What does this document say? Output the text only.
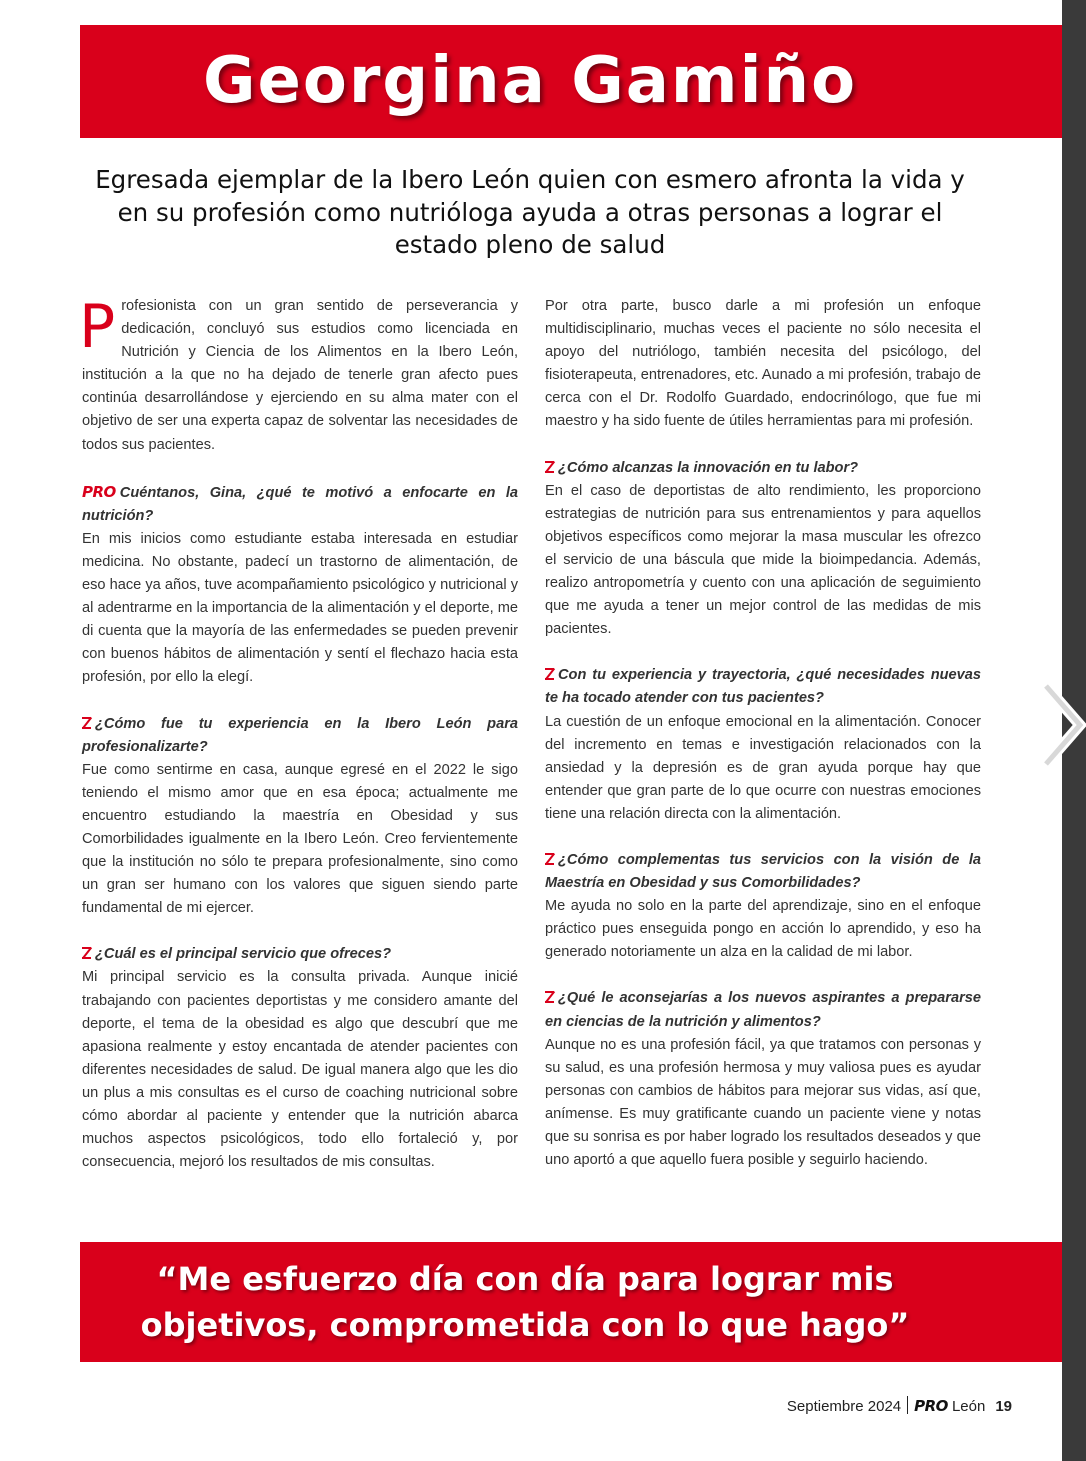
Georgina Gamiño

Egresada ejemplar de la Ibero León quien con esmero afronta la vida y en su profesión como nutrióloga ayuda a otras personas a lograr el estado pleno de salud

Profesionista con un gran sentido de perseverancia y dedicación, concluyó sus estudios como licenciada en Nutrición y Ciencia de los Alimentos en la Ibero León, institución a la que no ha dejado de tenerle gran afecto pues continúa desarrollándose y ejerciendo en su alma mater con el objetivo de ser una experta capaz de solventar las necesidades de todos sus pacientes.

PRO Cuéntanos, Gina, ¿qué te motivó a enfocarte en la nutrición?

En mis inicios como estudiante estaba interesada en estudiar medicina. No obstante, padecí un trastorno de alimentación, de eso hace ya años, tuve acompañamiento psicológico y nutricional y al adentrarme en la importancia de la alimentación y el deporte, me di cuenta que la mayoría de las enfermedades se pueden prevenir con buenos hábitos de alimentación y sentí el flechazo hacia esta profesión, por ello la elegí.

¿Cómo fue tu experiencia en la Ibero León para profesionalizarte?

Fue como sentirme en casa, aunque egresé en el 2022 le sigo teniendo el mismo amor que en esa época; actualmente me encuentro estudiando la maestría en Obesidad y sus Comorbilidades igualmente en la Ibero León. Creo fervientemente que la institución no sólo te prepara profesionalmente, sino como un gran ser humano con los valores que siguen siendo parte fundamental de mi ejercer.

¿Cuál es el principal servicio que ofreces?

Mi principal servicio es la consulta privada. Aunque inicié trabajando con pacientes deportistas y me considero amante del deporte, el tema de la obesidad es algo que descubrí que me apasiona realmente y estoy encantada de atender pacientes con diferentes necesidades de salud. De igual manera algo que les dio un plus a mis consultas es el curso de coaching nutricional sobre cómo abordar al paciente y entender que la nutrición abarca muchos aspectos psicológicos, todo ello fortaleció y, por consecuencia, mejoró los resultados de mis consultas.

Por otra parte, busco darle a mi profesión un enfoque multidisciplinario, muchas veces el paciente no sólo necesita el apoyo del nutriólogo, también necesita del psicólogo, del fisioterapeuta, entrenadores, etc. Aunado a mi profesión, trabajo de cerca con el Dr. Rodolfo Guardado, endocrinólogo, que fue mi maestro y ha sido fuente de útiles herramientas para mi profesión.

¿Cómo alcanzas la innovación en tu labor?

En el caso de deportistas de alto rendimiento, les proporciono estrategias de nutrición para sus entrenamientos y para aquellos objetivos específicos como mejorar la masa muscular les ofrezco el servicio de una báscula que mide la bioimpedancia. Además, realizo antropometría y cuento con una aplicación de seguimiento que me ayuda a tener un mejor control de las medidas de mis pacientes.

Con tu experiencia y trayectoria, ¿qué necesidades nuevas te ha tocado atender con tus pacientes?

La cuestión de un enfoque emocional en la alimentación. Conocer del incremento en temas e investigación relacionados con la ansiedad y la depresión es de gran ayuda porque hay que entender que gran parte de lo que ocurre con nuestras emociones tiene una relación directa con la alimentación.

¿Cómo complementas tus servicios con la visión de la Maestría en Obesidad y sus Comorbilidades?

Me ayuda no solo en la parte del aprendizaje, sino en el enfoque práctico pues enseguida pongo en acción lo aprendido, y eso ha generado notoriamente un alza en la calidad de mi labor.

¿Qué le aconsejarías a los nuevos aspirantes a prepararse en ciencias de la nutrición y alimentos?

Aunque no es una profesión fácil, ya que tratamos con personas y su salud, es una profesión hermosa y muy valiosa pues es ayudar personas con cambios de hábitos para mejorar sus vidas, así que, anímense. Es muy gratificante cuando un paciente viene y notas que su sonrisa es por haber logrado los resultados deseados y que uno aportó a que aquello fuera posible y seguirlo haciendo.

“Me esfuerzo día con día para lograr mis objetivos, comprometida con lo que hago”

Septiembre 2024 PRO León 19
